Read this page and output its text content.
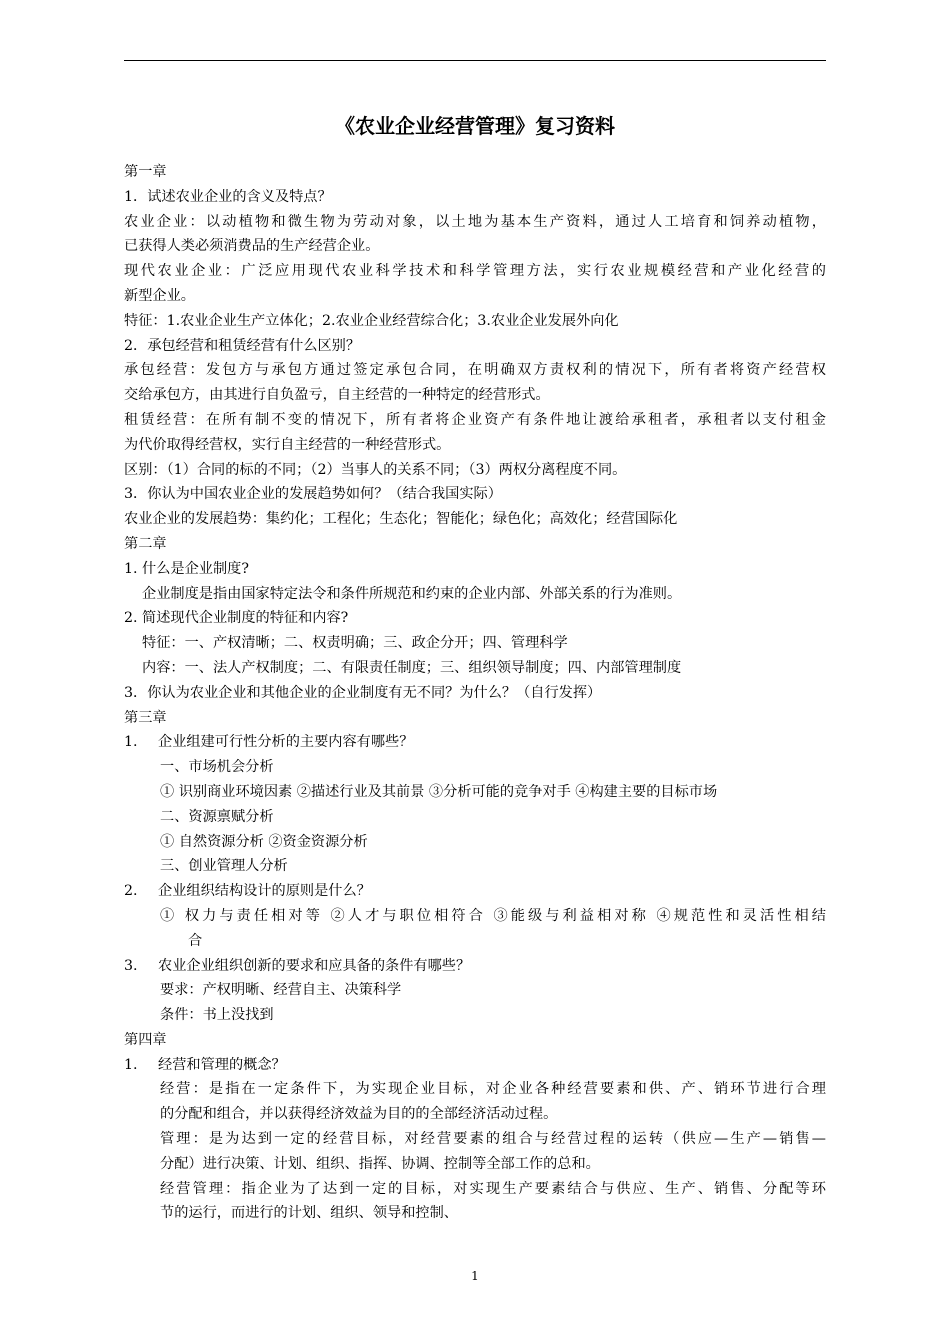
《农业企业经营管理》复习资料
第一章
1．试述农业企业的含义及特点？
农业企业：以动植物和微生物为劳动对象，以土地为基本生产资料，通过人工培育和饲养动植物，
已获得人类必须消费品的生产经营企业。
现代农业企业：广泛应用现代农业科学技术和科学管理方法，实行农业规模经营和产业化经营的
新型企业。
特征：1.农业企业生产立体化；2.农业企业经营综合化；3.农业企业发展外向化
2．承包经营和租赁经营有什么区别？
承包经营：发包方与承包方通过签定承包合同，在明确双方责权利的情况下，所有者将资产经营权
交给承包方，由其进行自负盈亏，自主经营的一种特定的经营形式。
租赁经营：在所有制不变的情况下，所有者将企业资产有条件地让渡给承租者，承租者以支付租金
为代价取得经营权，实行自主经营的一种经营形式。
区别：（1）合同的标的不同；（2）当事人的关系不同；（3）两权分离程度不同。
3．你认为中国农业企业的发展趋势如何？（结合我国实际）
农业企业的发展趋势：集约化；工程化；生态化；智能化；绿色化；高效化；经营国际化
第二章
1. 什么是企业制度?
企业制度是指由国家特定法令和条件所规范和约束的企业内部、外部关系的行为准则。
2. 简述现代企业制度的特征和内容?
特征：一、产权清晰；二、权责明确；三、政企分开；四、管理科学
内容：一、法人产权制度；二、有限责任制度；三、组织领导制度；四、内部管理制度
3．你认为农业企业和其他企业的企业制度有无不同？为什么？（自行发挥）
第三章
1. 企业组建可行性分析的主要内容有哪些？
一、市场机会分析
① 识别商业环境因素 ②描述行业及其前景 ③分析可能的竞争对手 ④构建主要的目标市场
二、资源禀赋分析
① 自然资源分析 ②资金资源分析
三、创业管理人分析
2. 企业组织结构设计的原则是什么？
① 权力与责任相对等 ②人才与职位相符合 ③能级与利益相对称 ④规范性和灵活性相结
合
3. 农业企业组织创新的要求和应具备的条件有哪些？
要求：产权明晰、经营自主、决策科学
条件：书上没找到
第四章
1. 经营和管理的概念？
经营：是指在一定条件下，为实现企业目标，对企业各种经营要素和供、产、销环节进行合理
的分配和组合，并以获得经济效益为目的的全部经济活动过程。
管理：是为达到一定的经营目标，对经营要素的组合与经营过程的运转（供应—生产—销售—
分配）进行决策、计划、组织、指挥、协调、控制等全部工作的总和。
经营管理：指企业为了达到一定的目标，对实现生产要素结合与供应、生产、销售、分配等环
节的运行，而进行的计划、组织、领导和控制、
1
